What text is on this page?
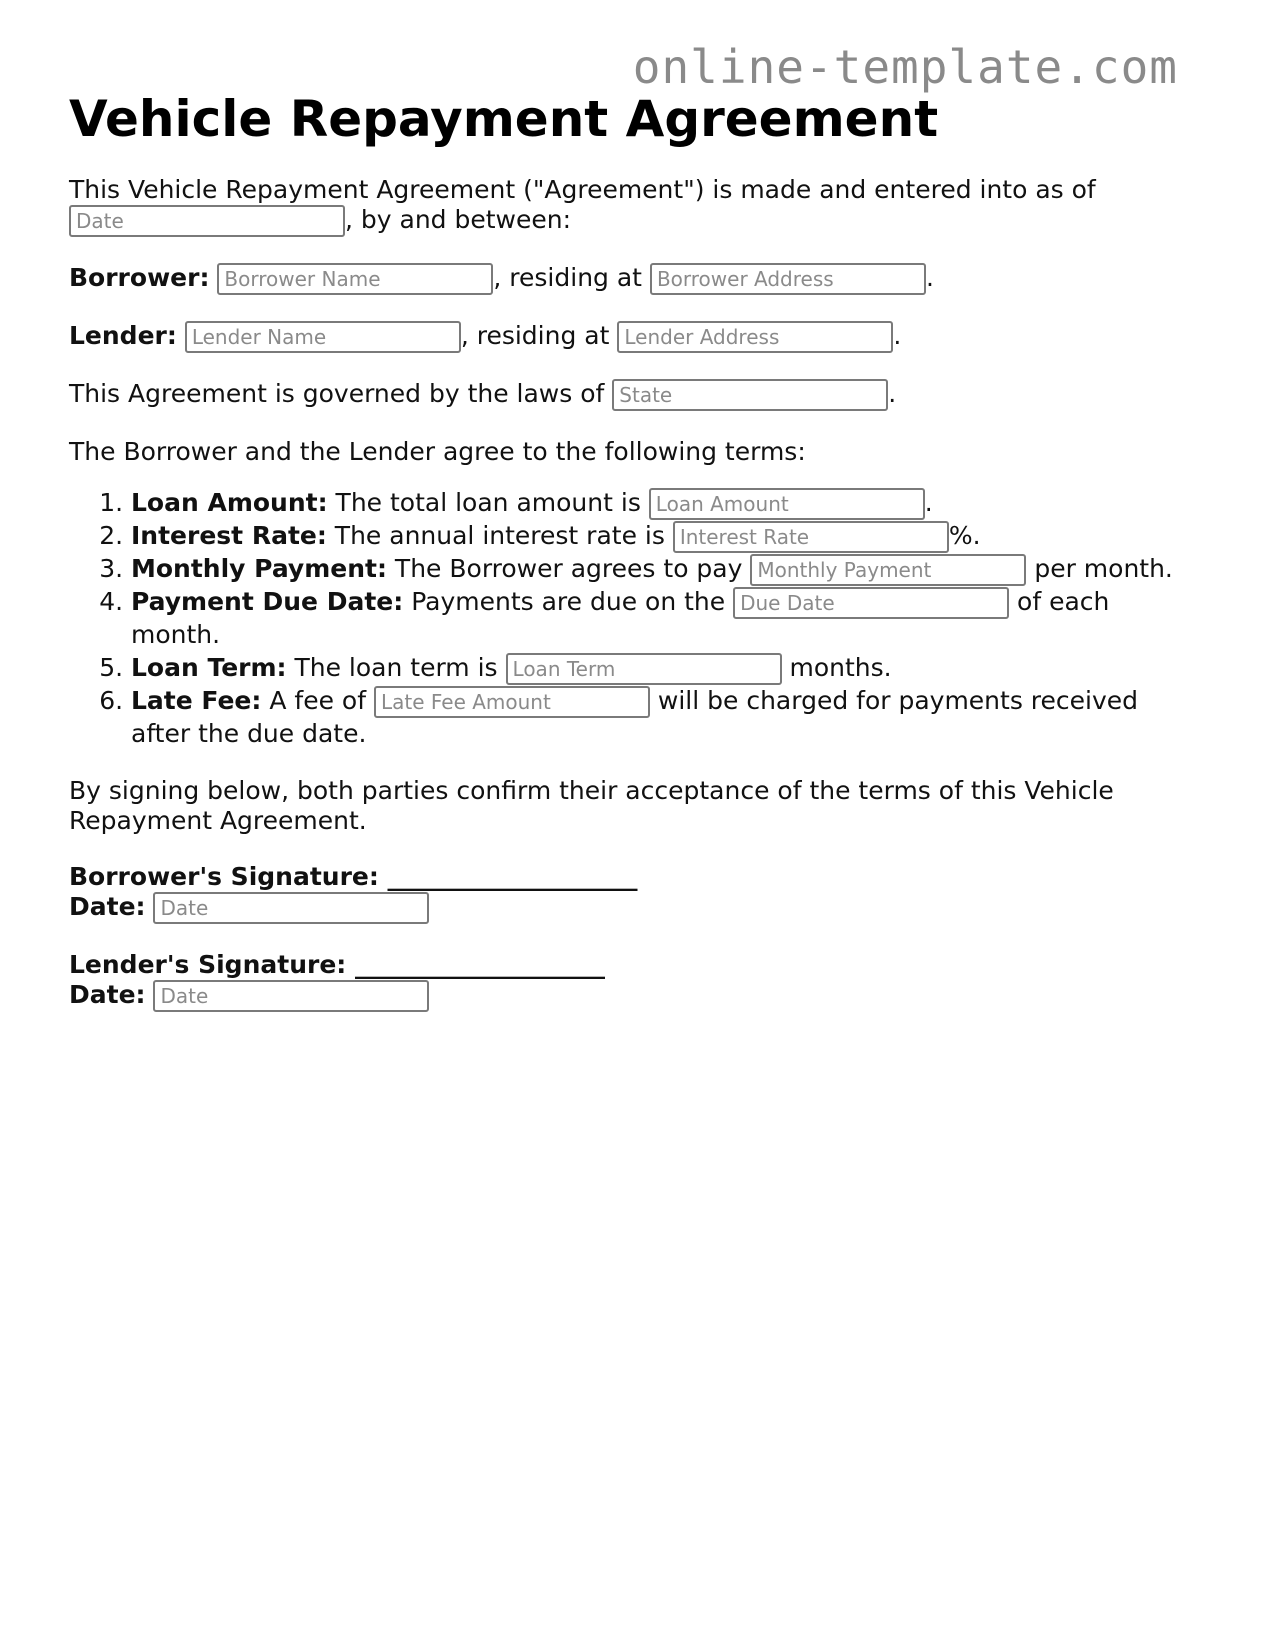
online-template.com
Vehicle Repayment Agreement

This Vehicle Repayment Agreement ("Agreement") is made and entered into as of
Date	, by and between:

Borrower: Borrower Name	, residing at Borrower Address	.

Lender: Lender Name	, residing at Lender Address	.

This Agreement is governed by the laws of State	.

The Borrower and the Lender agree to the following terms:

1. Loan Amount: The total loan amount is Loan Amount	.
2. Interest Rate: The annual interest rate is Interest Rate	%.
3. Monthly Payment: The Borrower agrees to pay Monthly Payment	per month.
4. Payment Due Date: Payments are due on the Due Date	of each month.
5. Loan Term: The loan term is Loan Term	months.
6. Late Fee: A fee of Late Fee Amount	will be charged for payments received after the due date.

By signing below, both parties confirm their acceptance of the terms of this Vehicle Repayment Agreement.

Borrower's Signature: ____________________
Date: Date

Lender's Signature: ____________________
Date: Date
